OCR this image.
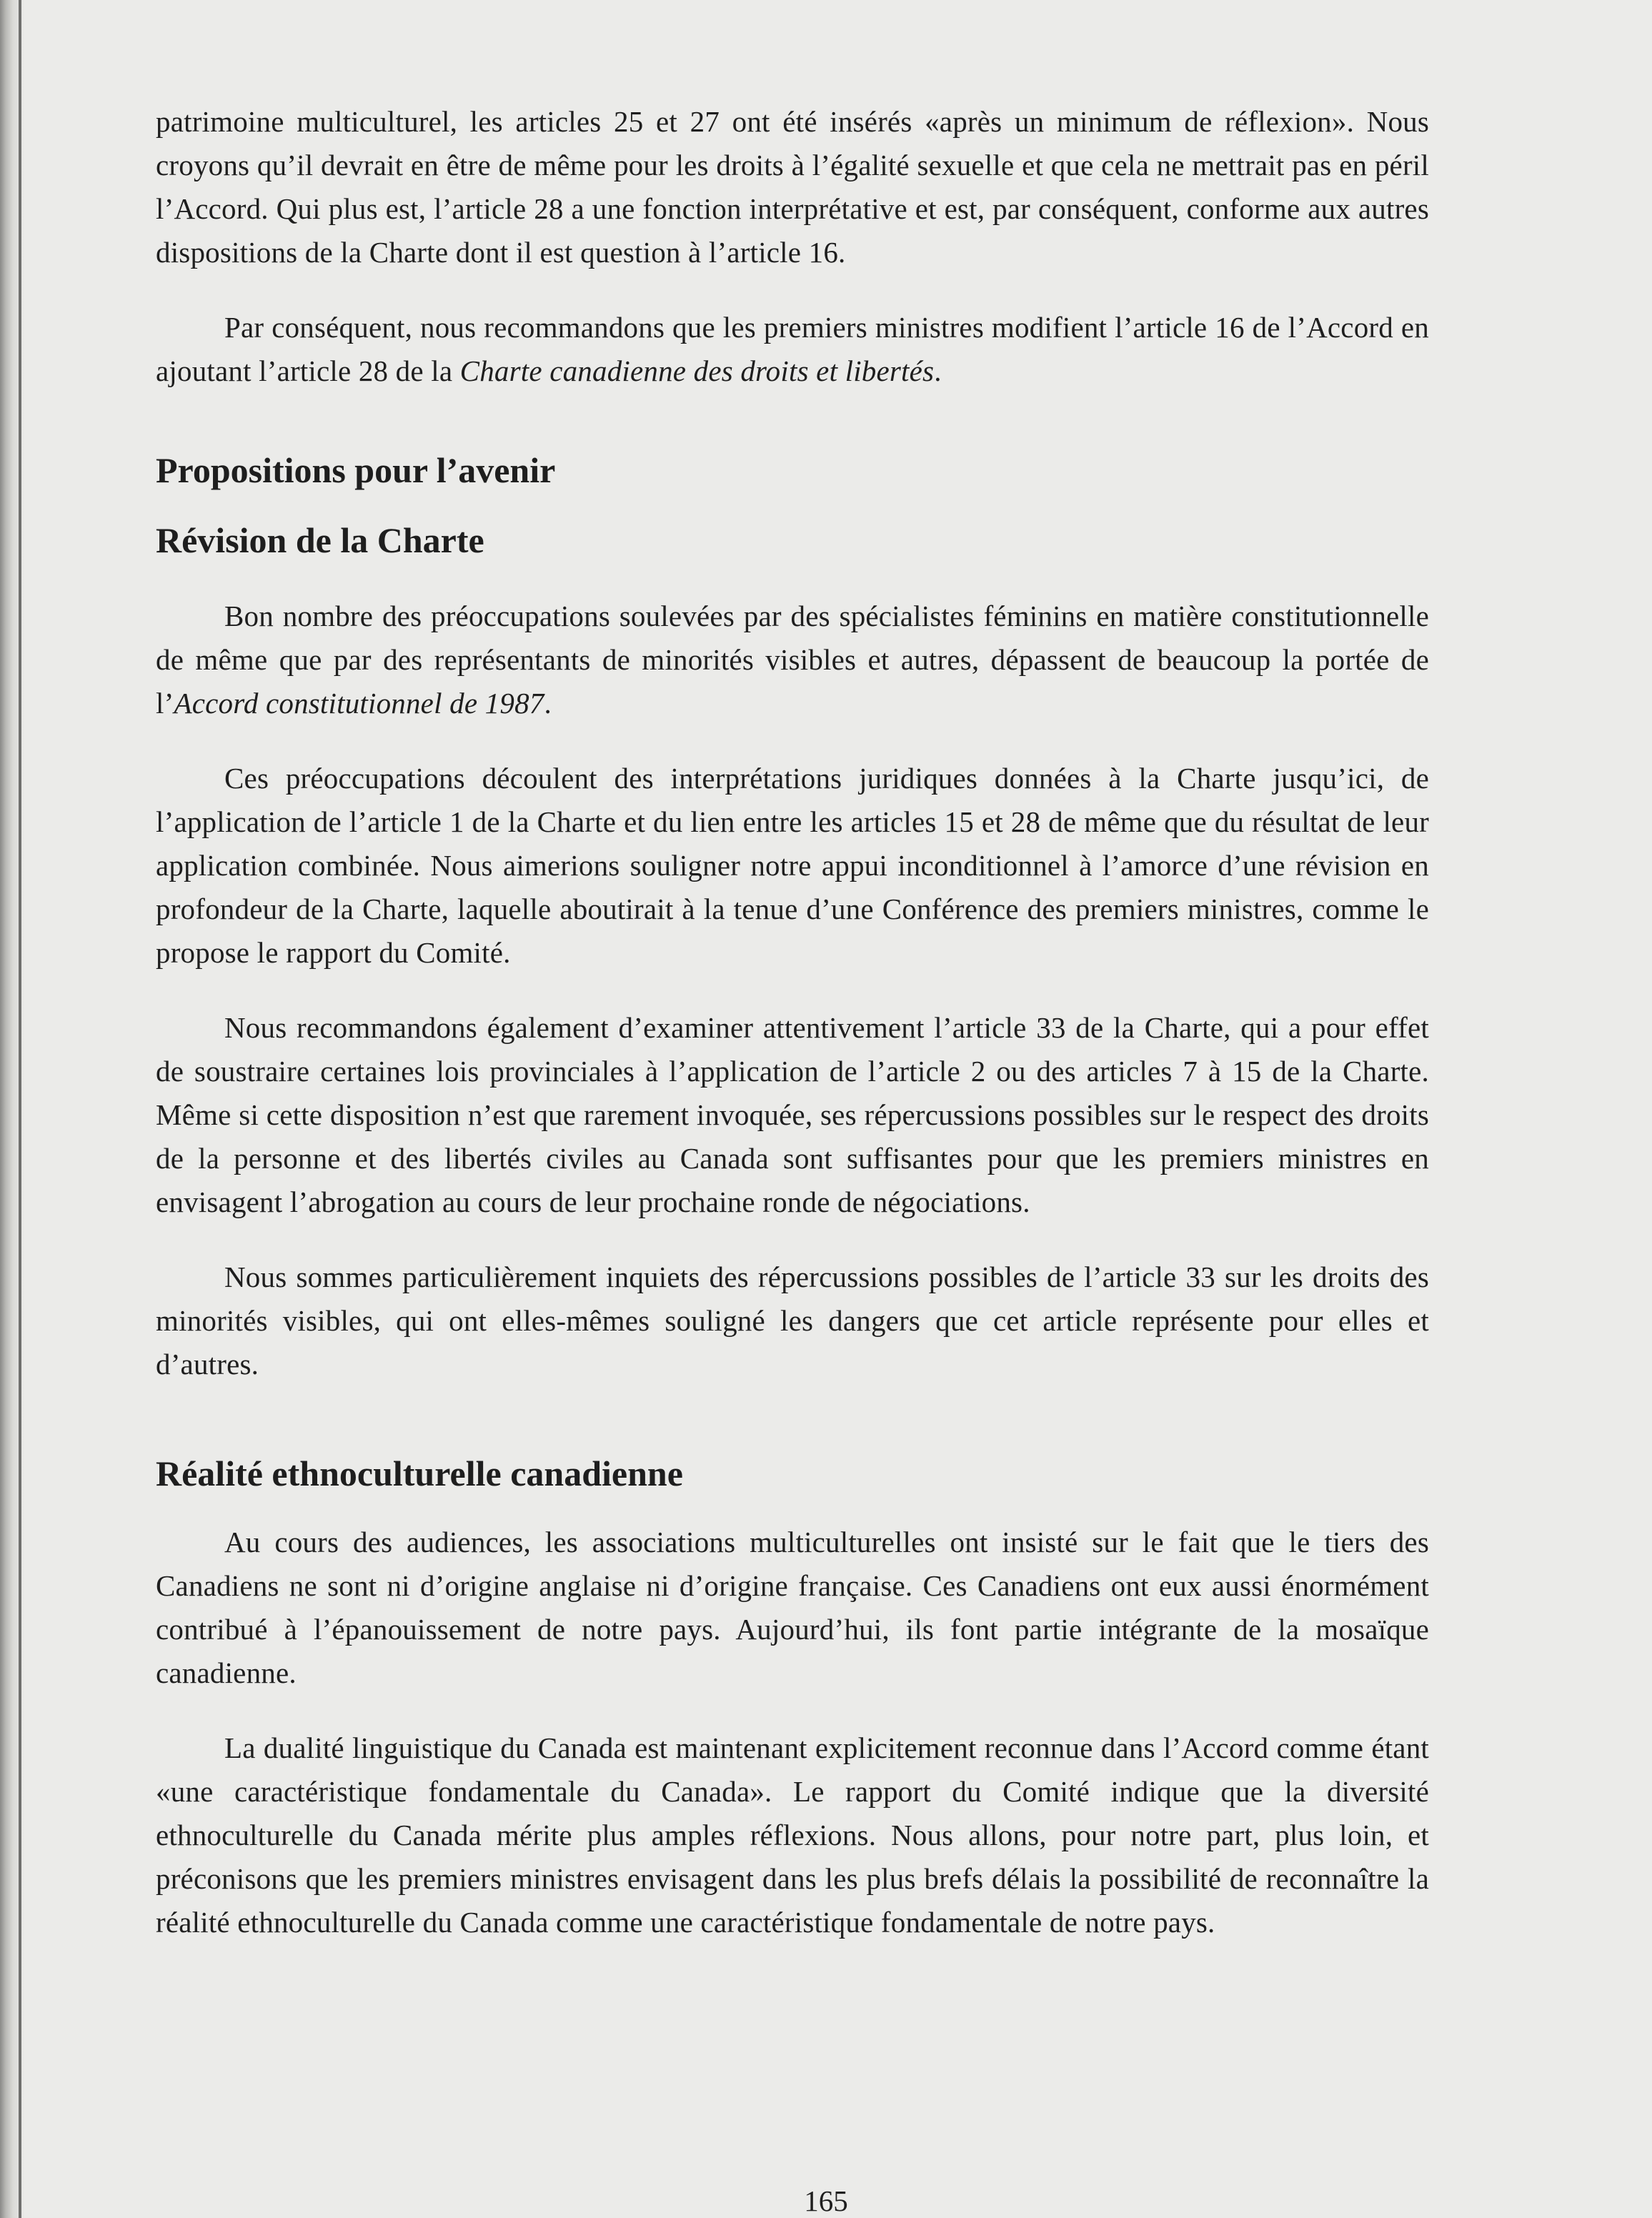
patrimoine multiculturel, les articles 25 et 27 ont été insérés «après un minimum de réflexion». Nous croyons qu’il devrait en être de même pour les droits à l’égalité sexuelle et que cela ne mettrait pas en péril l’Accord. Qui plus est, l’article 28 a une fonction interprétative et est, par conséquent, conforme aux autres dispositions de la Charte dont il est question à l’article 16.

Par conséquent, nous recommandons que les premiers ministres modifient l’article 16 de l’Accord en ajoutant l’article 28 de la Charte canadienne des droits et libertés.

Propositions pour l’avenir
Révision de la Charte

Bon nombre des préoccupations soulevées par des spécialistes féminins en matière constitutionnelle de même que par des représentants de minorités visibles et autres, dépassent de beaucoup la portée de l’Accord constitutionnel de 1987.

Ces préoccupations découlent des interprétations juridiques données à la Charte jusqu’ici, de l’application de l’article 1 de la Charte et du lien entre les articles 15 et 28 de même que du résultat de leur application combinée. Nous aimerions souligner notre appui inconditionnel à l’amorce d’une révision en profondeur de la Charte, laquelle aboutirait à la tenue d’une Conférence des premiers ministres, comme le propose le rapport du Comité.

Nous recommandons également d’examiner attentivement l’article 33 de la Charte, qui a pour effet de soustraire certaines lois provinciales à l’application de l’article 2 ou des articles 7 à 15 de la Charte. Même si cette disposition n’est que rarement invoquée, ses répercussions possibles sur le respect des droits de la personne et des libertés civiles au Canada sont suffisantes pour que les premiers ministres en envisagent l’abrogation au cours de leur prochaine ronde de négociations.

Nous sommes particulièrement inquiets des répercussions possibles de l’article 33 sur les droits des minorités visibles, qui ont elles-mêmes souligné les dangers que cet article représente pour elles et d’autres.

Réalité ethnoculturelle canadienne

Au cours des audiences, les associations multiculturelles ont insisté sur le fait que le tiers des Canadiens ne sont ni d’origine anglaise ni d’origine française. Ces Canadiens ont eux aussi énormément contribué à l’épanouissement de notre pays. Aujourd’hui, ils font partie intégrante de la mosaïque canadienne.

La dualité linguistique du Canada est maintenant explicitement reconnue dans l’Accord comme étant «une caractéristique fondamentale du Canada». Le rapport du Comité indique que la diversité ethnoculturelle du Canada mérite plus amples réflexions. Nous allons, pour notre part, plus loin, et préconisons que les premiers ministres envisagent dans les plus brefs délais la possibilité de reconnaître la réalité ethnoculturelle du Canada comme une caractéristique fondamentale de notre pays.

165
